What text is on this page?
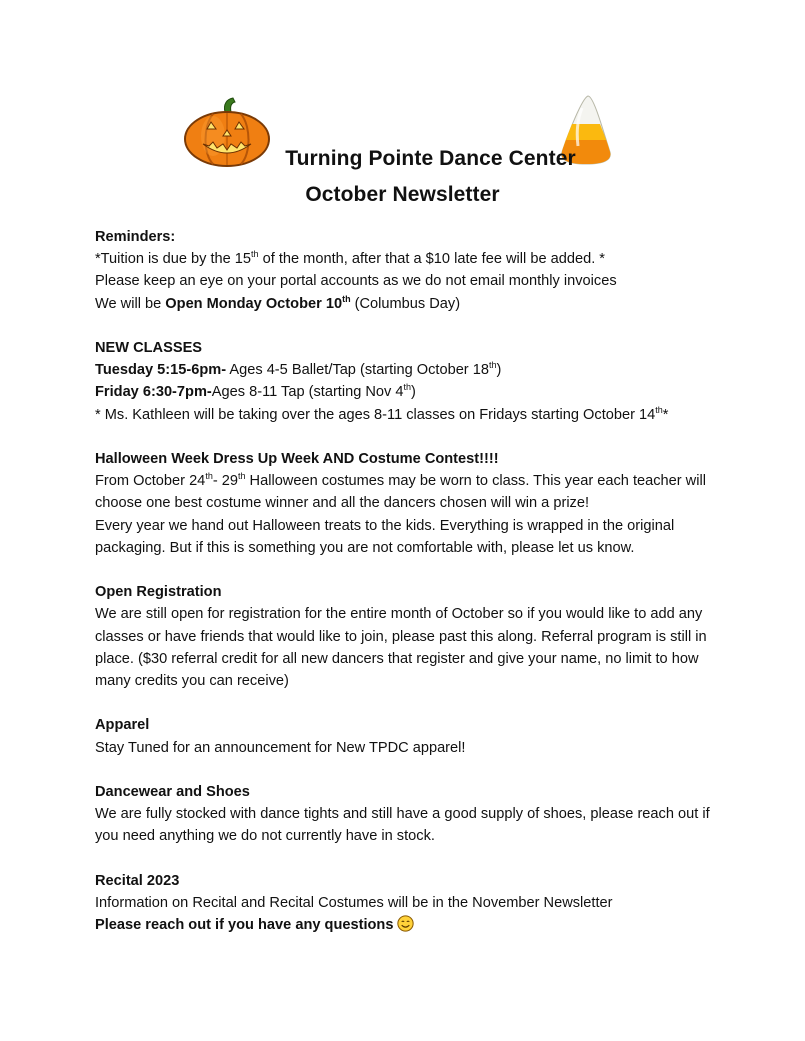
Turning Pointe Dance Center
October Newsletter

Reminders:

*Tuition is due by the 15th of the month, after that a $10 late fee will be added. *

Please keep an eye on your portal accounts as we do not email monthly invoices

We will be Open Monday October 10th (Columbus Day)

NEW CLASSES

Tuesday 5:15-6pm- Ages 4-5 Ballet/Tap (starting October 18th)

Friday 6:30-7pm-Ages 8-11 Tap (starting Nov 4th)

* Ms. Kathleen will be taking over the ages 8-11 classes on Fridays starting October 14th*

Halloween Week Dress Up Week AND Costume Contest!!!!

From October 24th- 29th Halloween costumes may be worn to class. This year each teacher will

choose one best costume winner and all the dancers chosen will win a prize!

Every year we hand out Halloween treats to the kids. Everything is wrapped in the original

packaging. But if this is something you are not comfortable with, please let us know.

Open Registration

We are still open for registration for the entire month of October so if you would like to add any

classes or have friends that would like to join, please past this along. Referral program is still in

place. ($30 referral credit for all new dancers that register and give your name, no limit to how

many credits you can receive)

Apparel

Stay Tuned for an announcement for New TPDC apparel!

Dancewear and Shoes

We are fully stocked with dance tights and still have a good supply of shoes, please reach out if

you need anything we do not currently have in stock.

Recital 2023

Information on Recital and Recital Costumes will be in the November Newsletter

Please reach out if you have any questions
